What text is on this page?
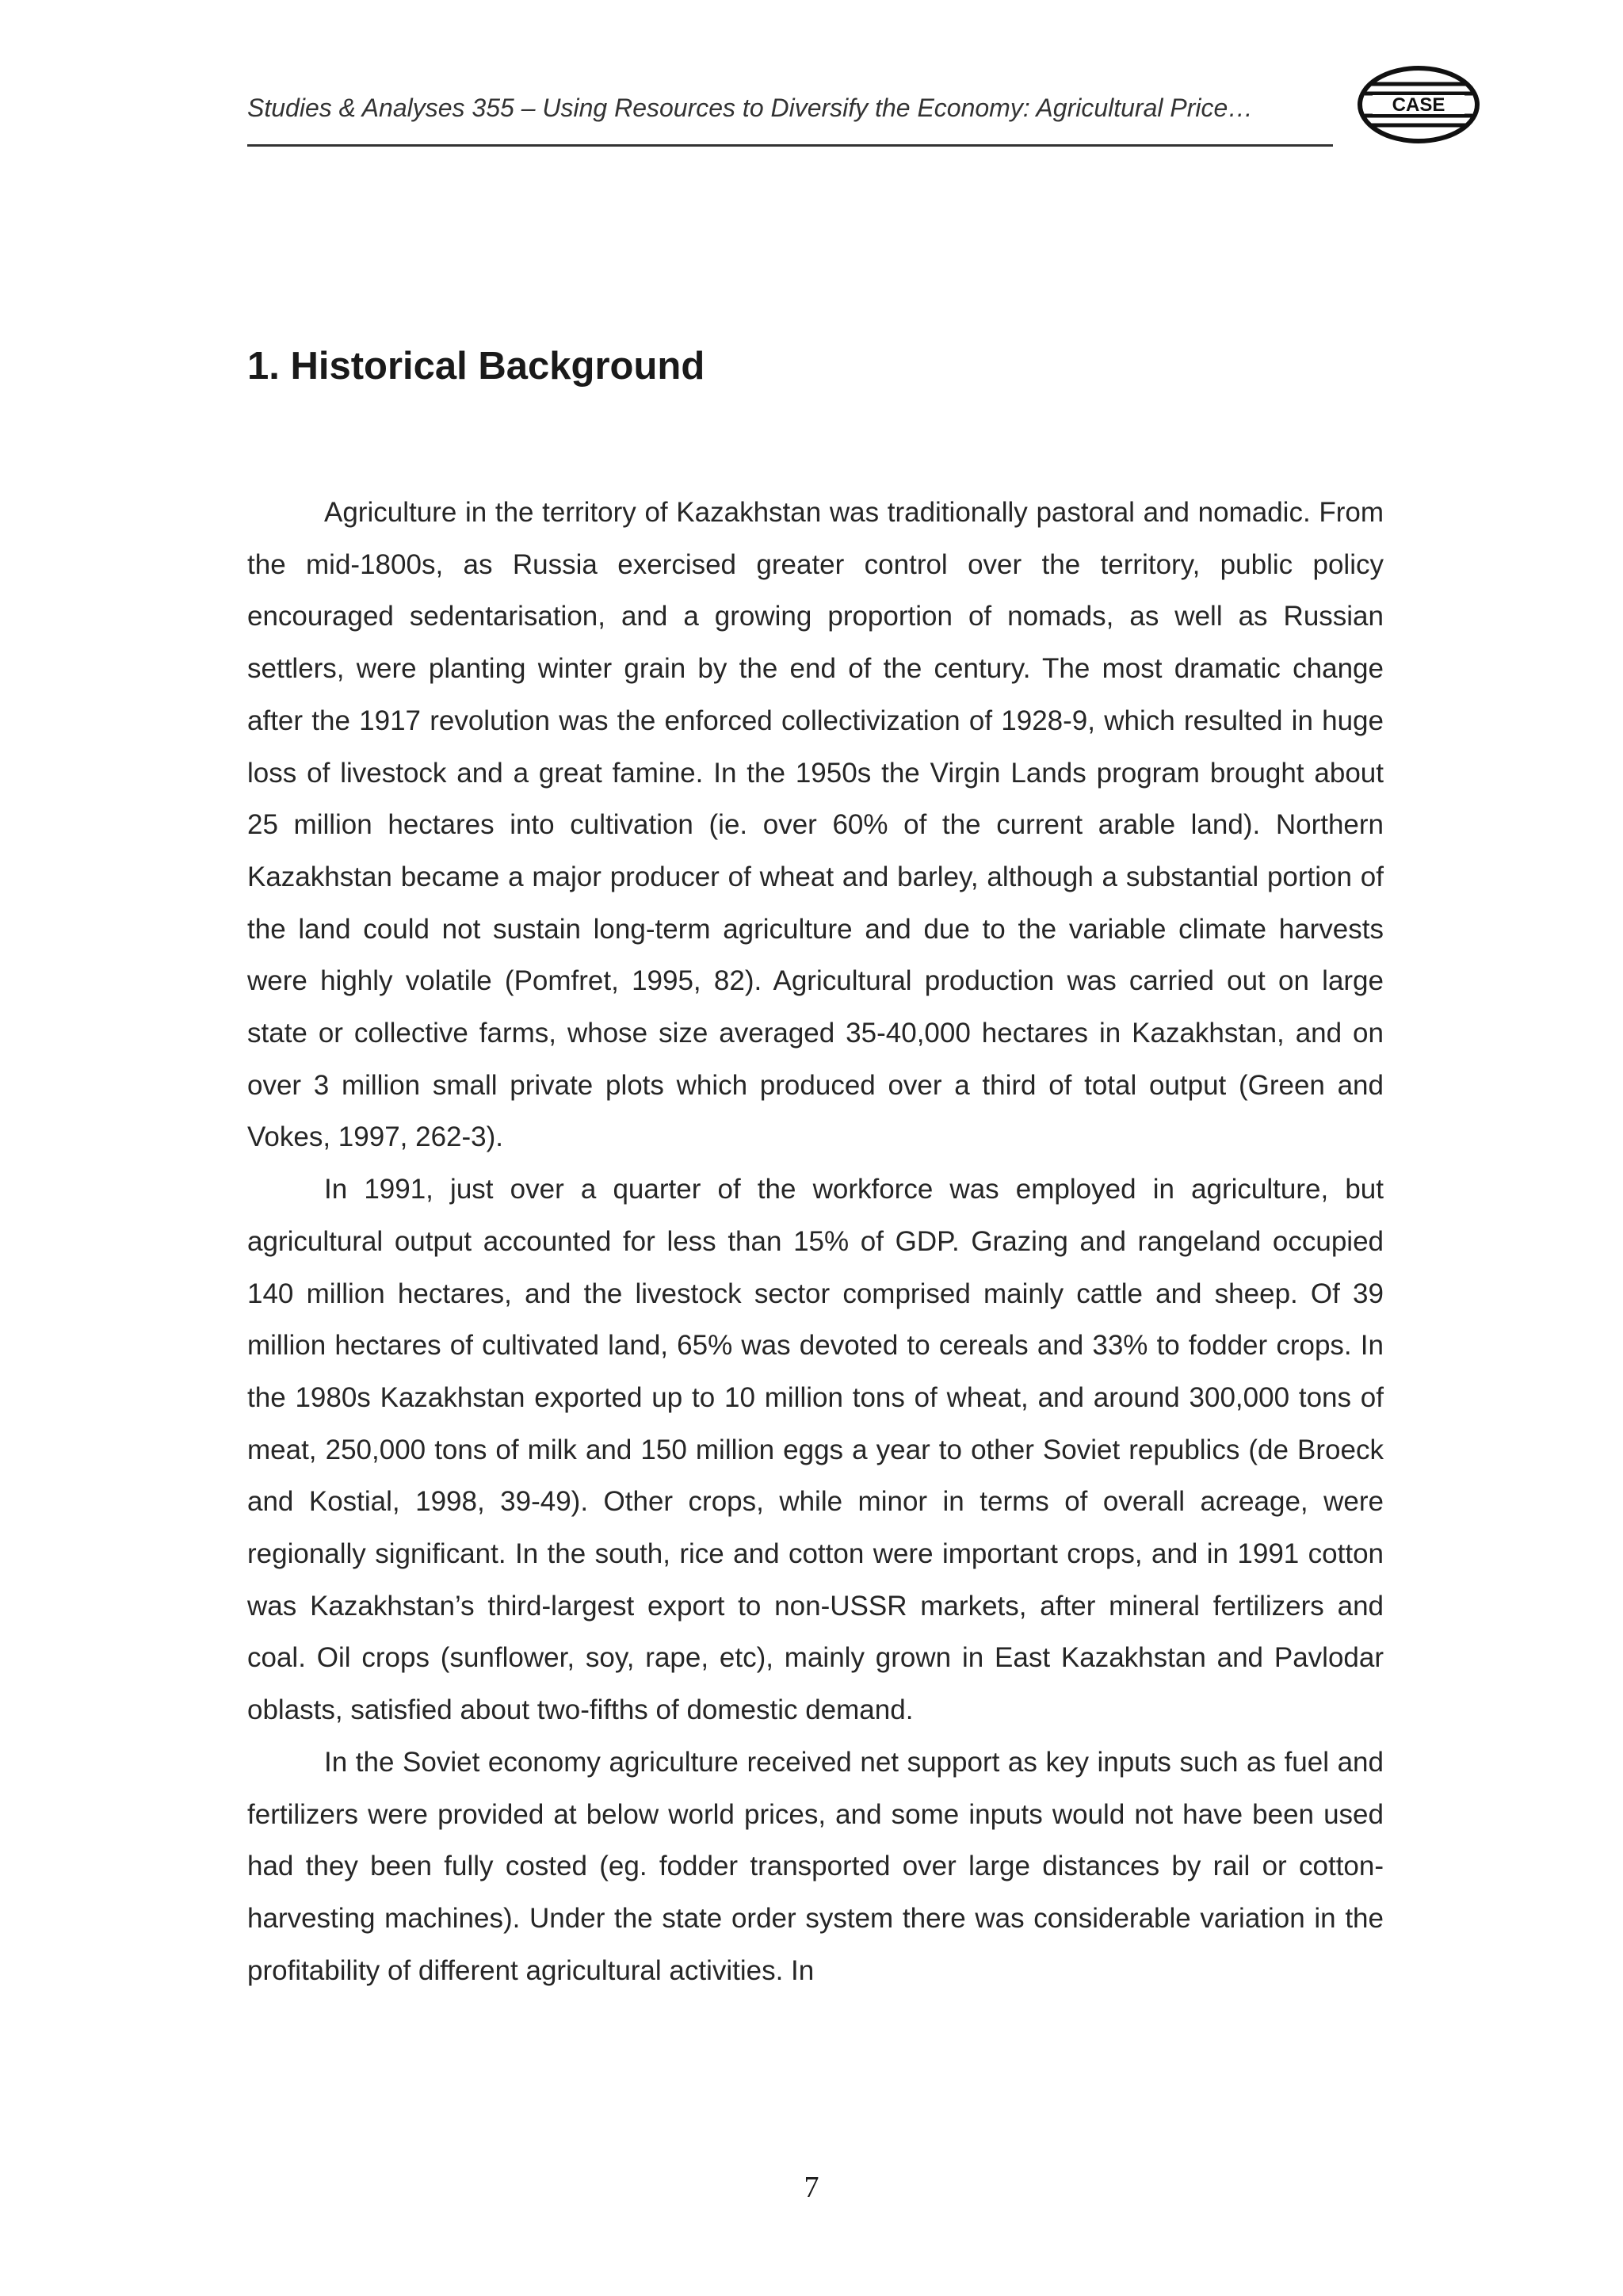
Studies & Analyses 355 – Using Resources to Diversify the Economy: Agricultural Price…	CASE
1. Historical Background

Agriculture in the territory of Kazakhstan was traditionally pastoral and nomadic. From the mid-1800s, as Russia exercised greater control over the territory, public policy encouraged sedentarisation, and a growing proportion of nomads, as well as Russian settlers, were planting winter grain by the end of the century. The most dramatic change after the 1917 revolution was the enforced collectivization of 1928-9, which resulted in huge loss of livestock and a great famine. In the 1950s the Virgin Lands program brought about 25 million hectares into cultivation (ie. over 60% of the current arable land). Northern Kazakhstan became a major producer of wheat and barley, although a substantial portion of the land could not sustain long-term agriculture and due to the variable climate harvests were highly volatile (Pomfret, 1995, 82). Agricultural production was carried out on large state or collective farms, whose size averaged 35-40,000 hectares in Kazakhstan, and on over 3 million small private plots which produced over a third of total output (Green and Vokes, 1997, 262-3).

In 1991, just over a quarter of the workforce was employed in agriculture, but agricultural output accounted for less than 15% of GDP. Grazing and rangeland occupied 140 million hectares, and the livestock sector comprised mainly cattle and sheep. Of 39 million hectares of cultivated land, 65% was devoted to cereals and 33% to fodder crops. In the 1980s Kazakhstan exported up to 10 million tons of wheat, and around 300,000 tons of meat, 250,000 tons of milk and 150 million eggs a year to other Soviet republics (de Broeck and Kostial, 1998, 39-49). Other crops, while minor in terms of overall acreage, were regionally significant. In the south, rice and cotton were important crops, and in 1991 cotton was Kazakhstan’s third-largest export to non-USSR markets, after mineral fertilizers and coal. Oil crops (sunflower, soy, rape, etc), mainly grown in East Kazakhstan and Pavlodar oblasts, satisfied about two-fifths of domestic demand.

In the Soviet economy agriculture received net support as key inputs such as fuel and fertilizers were provided at below world prices, and some inputs would not have been used had they been fully costed (eg. fodder transported over large distances by rail or cotton-harvesting machines). Under the state order system there was considerable variation in the profitability of different agricultural activities. In

7
